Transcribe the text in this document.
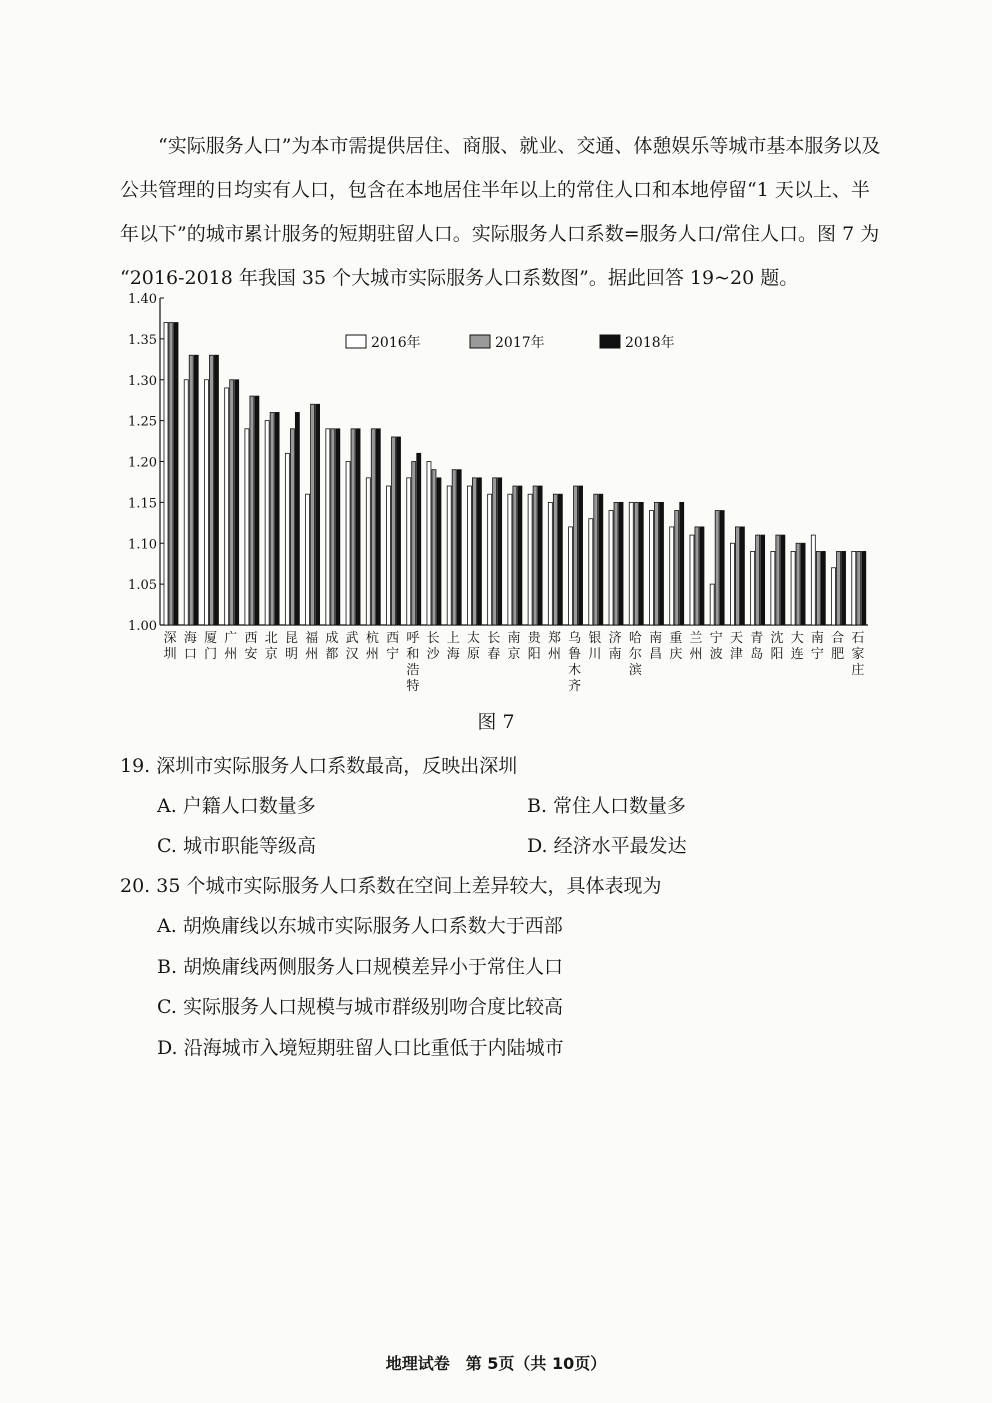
“实际服务人口”为本市需提供居住、商服、就业、交通、体憩娱乐等城市基本服务以及

公共管理的日均实有人口，包含在本地居住半年以上的常住人口和本地停留“1 天以上、半

年以下”的城市累计服务的短期驻留人口。实际服务人口系数=服务人口/常住人口。图 7 为

“2016-2018 年我国 35 个大城市实际服务人口系数图”。据此回答 19~20 题。

1.00
1.05
1.10
1.15
1.20
1.25
1.30
1.35
1.40
深
圳
海
口
厦
门
广
州
西
安
北
京
昆
明
福
州
成
都
武
汉
杭
州
西
宁
呼
和
浩
特
长
沙
上
海
太
原
长
春
南
京
贵
阳
郑
州
乌
鲁
木
齐
银
川
济
南
哈
尔
滨
南
昌
重
庆
兰
州
宁
波
天
津
青
岛
沈
阳
大
连
南
宁
合
肥
石
家
庄
2016年	2017年	2018年
图 7
19. 深圳市实际服务人口系数最高，反映出深圳
A. 户籍人口数量多	B. 常住人口数量多
C. 城市职能等级高	D. 经济水平最发达
20. 35 个城市实际服务人口系数在空间上差异较大，具体表现为
A. 胡焕庸线以东城市实际服务人口系数大于西部
B. 胡焕庸线两侧服务人口规模差异小于常住人口
C. 实际服务人口规模与城市群级别吻合度比较高
D. 沿海城市入境短期驻留人口比重低于内陆城市
地理试卷　第 5页（共 10页）
